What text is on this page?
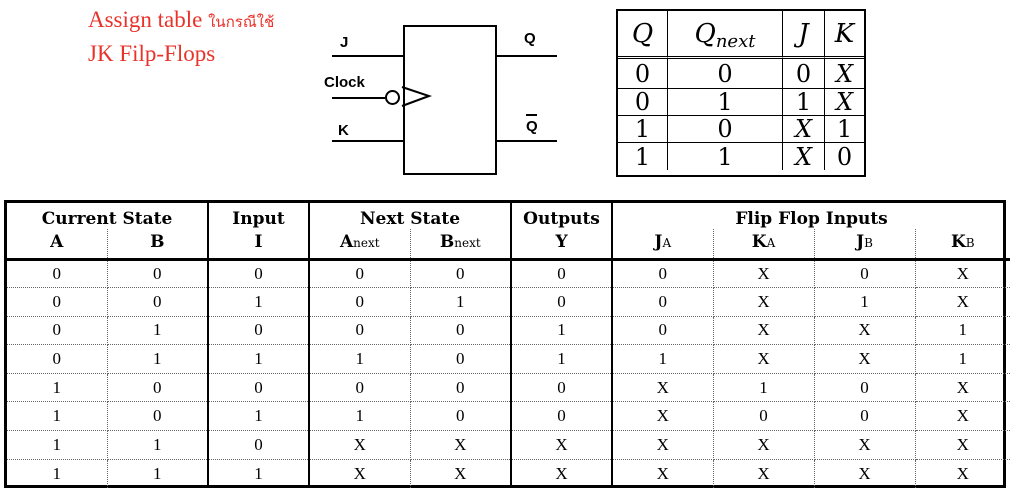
Assign table ในกรณีใช้
JK Filp-Flops	J
Clock
K
Q
Q
Q	$Q_{next}$	J	K
0	0	0	X
0	1	1	X
1	0	X	1
1	1	X	0
Current State		Input	Next State		Outputs	Flip Flop Inputs			
A	B	I	Anext	Bnext	Y	JA	KA	JB	KB
0	0	0	0	0	0	0	X	0	X
0	0	1	0	1	0	0	X	1	X
0	1	0	0	0	1	0	X	X	1
0	1	1	1	0	1	1	X	X	1
1	0	0	0	0	0	X	1	0	X
1	0	1	1	0	0	X	0	0	X
1	1	0	X	X	X	X	X	X	X
1	1	1	X	X	X	X	X	X	X
